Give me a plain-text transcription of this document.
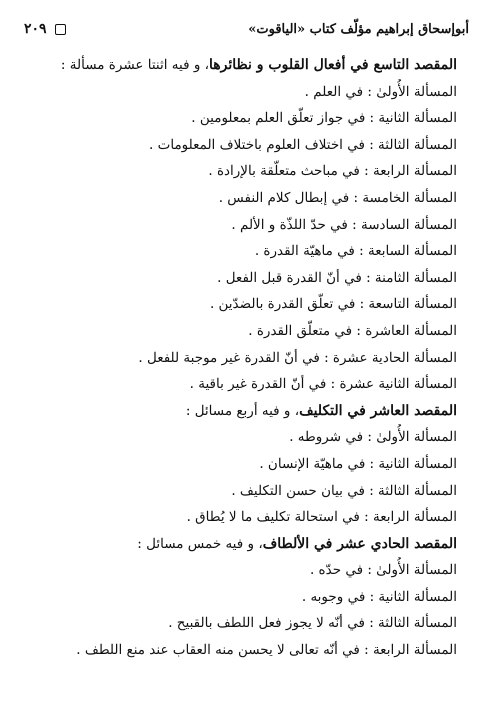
أبوإسحاق إبراهيم مؤلّف كتاب «الياقوت»
٢٠٩
المقصد التاسع في أفعال القلوب و نظائرها، و فيه اثنتا عشرة مسألة :
المسألة الأُولىٰ : في العلم .
المسألة الثانية : في جواز تعلّق العلم بمعلومين .
المسألة الثالثة : في اختلاف العلوم باختلاف المعلومات .
المسألة الرابعة : في مباحث متعلّقة بالإرادة .
المسألة الخامسة : في إبطال كلام النفس .
المسألة السادسة : في حدّ اللذّة و الألم .
المسألة السابعة : في ماهيّة القدرة .
المسألة الثامنة : في أنّ القدرة قبل الفعل .
المسألة التاسعة : في تعلّق القدرة بالضدّين .
المسألة العاشرة : في متعلّق القدرة .
المسألة الحادية عشرة : في أنّ القدرة غير موجبة للفعل .
المسألة الثانية عشرة : في أنّ القدرة غير باقية .
المقصد العاشر في التكليف، و فيه أربع مسائل :
المسألة الأُولىٰ : في شروطه .
المسألة الثانية : في ماهيّة الإنسان .
المسألة الثالثة : في بيان حسن التكليف .
المسألة الرابعة : في استحالة تكليف ما لا يُطاق .
المقصد الحادي عشر في الألطاف، و فيه خمس مسائل :
المسألة الأُولىٰ : في حدّه .
المسألة الثانية : في وجوبه .
المسألة الثالثة : في أنّه لا يجوز فعل اللطف بالقبيح .
المسألة الرابعة : في أنّه تعالى لا يحسن منه العقاب عند منع اللطف .
